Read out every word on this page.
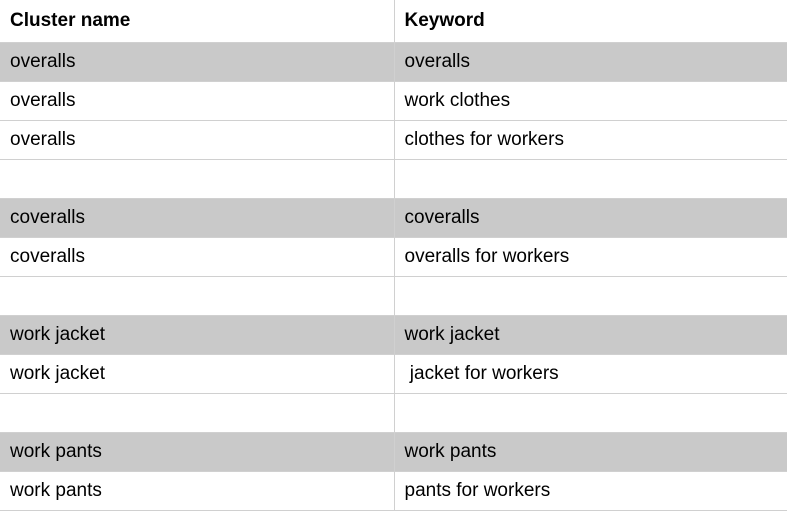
Cluster name	Keyword
overalls	overalls
overalls	work clothes
overalls	clothes for workers

coveralls	coveralls
coveralls	overalls for workers

work jacket	work jacket
work jacket	jacket for workers

work pants	work pants
work pants	pants for workers
